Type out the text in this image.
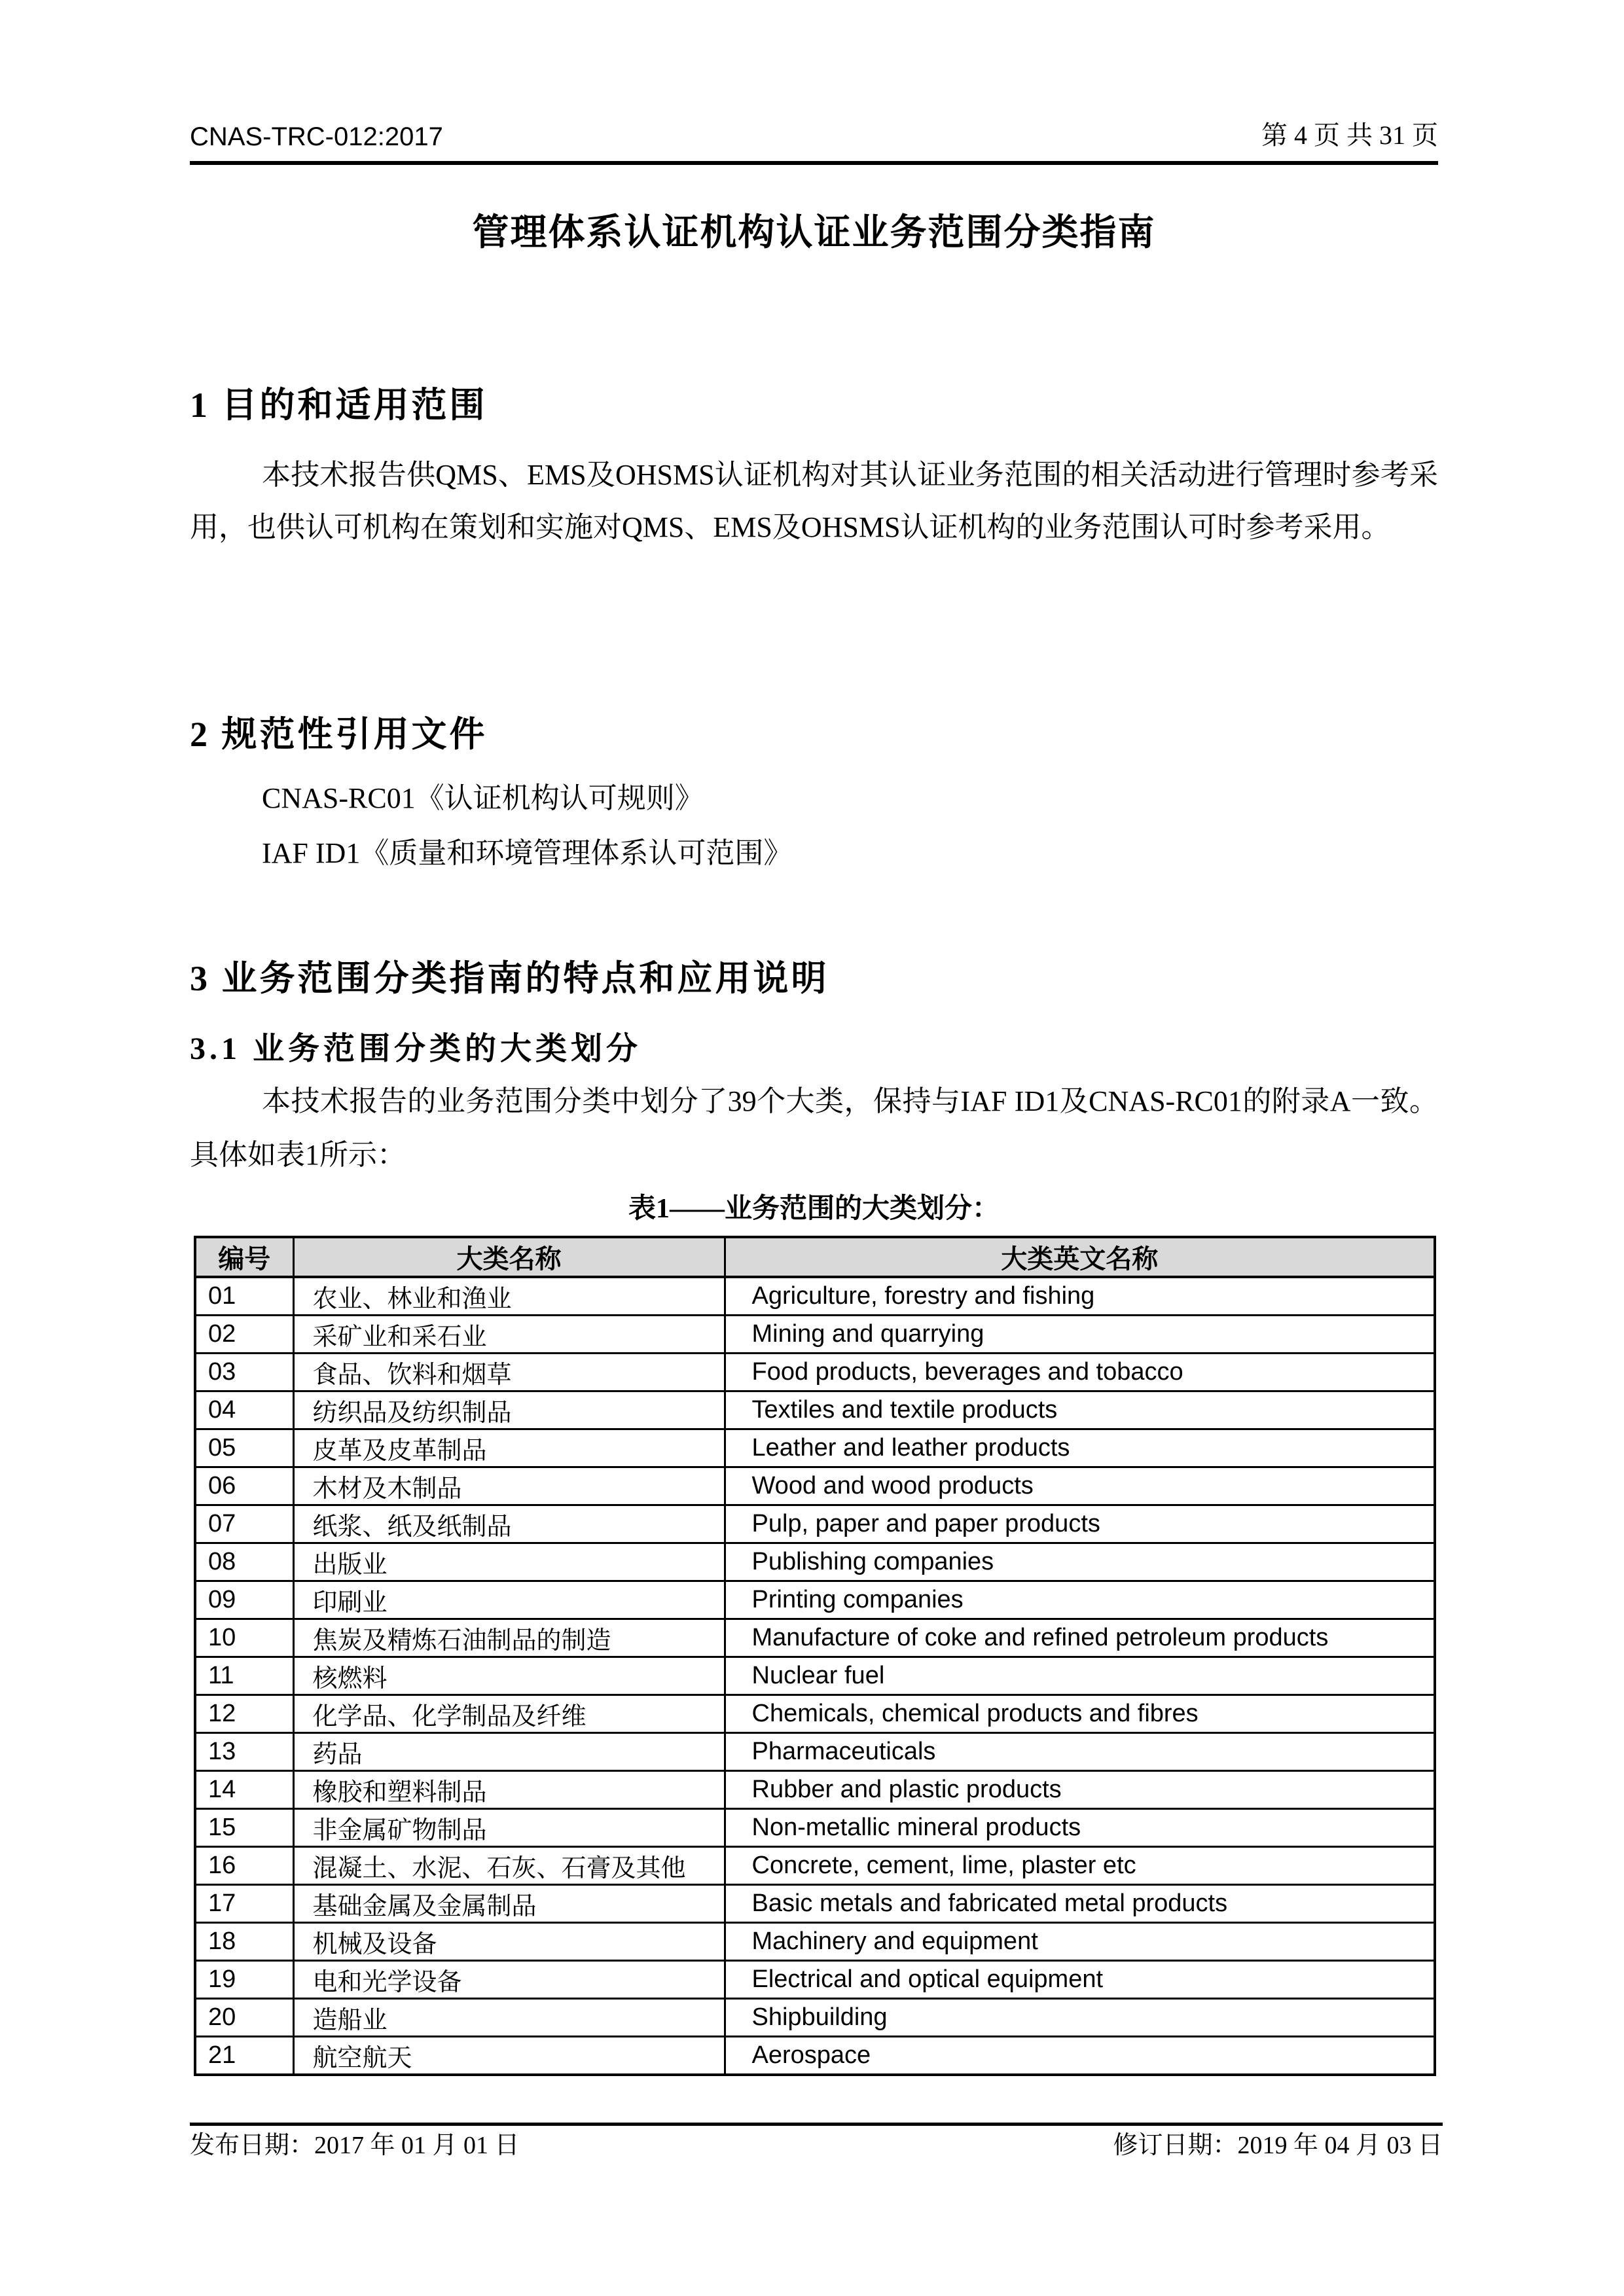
CNAS-TRC-012:2017	第 4 页 共 31 页
管理体系认证机构认证业务范围分类指南
1 目的和适用范围
本技术报告供QMS、EMS及OHSMS认证机构对其认证业务范围的相关活动进行管理时参考采用，也供认可机构在策划和实施对QMS、EMS及OHSMS认证机构的业务范围认可时参考采用。
2 规范性引用文件
CNAS-RC01《认证机构认可规则》
IAF ID1《质量和环境管理体系认可范围》
3 业务范围分类指南的特点和应用说明
3.1 业务范围分类的大类划分
本技术报告的业务范围分类中划分了39个大类，保持与IAF ID1及CNAS-RC01的附录A一致。具体如表1所示：
表1——业务范围的大类划分：
编号	大类名称	大类英文名称
01	农业、林业和渔业	Agriculture, forestry and fishing
02	采矿业和采石业	Mining and quarrying
03	食品、饮料和烟草	Food products, beverages and tobacco
04	纺织品及纺织制品	Textiles and textile products
05	皮革及皮革制品	Leather and leather products
06	木材及木制品	Wood and wood products
07	纸浆、纸及纸制品	Pulp, paper and paper products
08	出版业	Publishing companies
09	印刷业	Printing companies
10	焦炭及精炼石油制品的制造	Manufacture of coke and refined petroleum products
11	核燃料	Nuclear fuel
12	化学品、化学制品及纤维	Chemicals, chemical products and fibres
13	药品	Pharmaceuticals
14	橡胶和塑料制品	Rubber and plastic products
15	非金属矿物制品	Non-metallic mineral products
16	混凝土、水泥、石灰、石膏及其他	Concrete, cement, lime, plaster etc
17	基础金属及金属制品	Basic metals and fabricated metal products
18	机械及设备	Machinery and equipment
19	电和光学设备	Electrical and optical equipment
20	造船业	Shipbuilding
21	航空航天	Aerospace
发布日期：2017 年 01 月 01 日	修订日期：2019 年 04 月 03 日
